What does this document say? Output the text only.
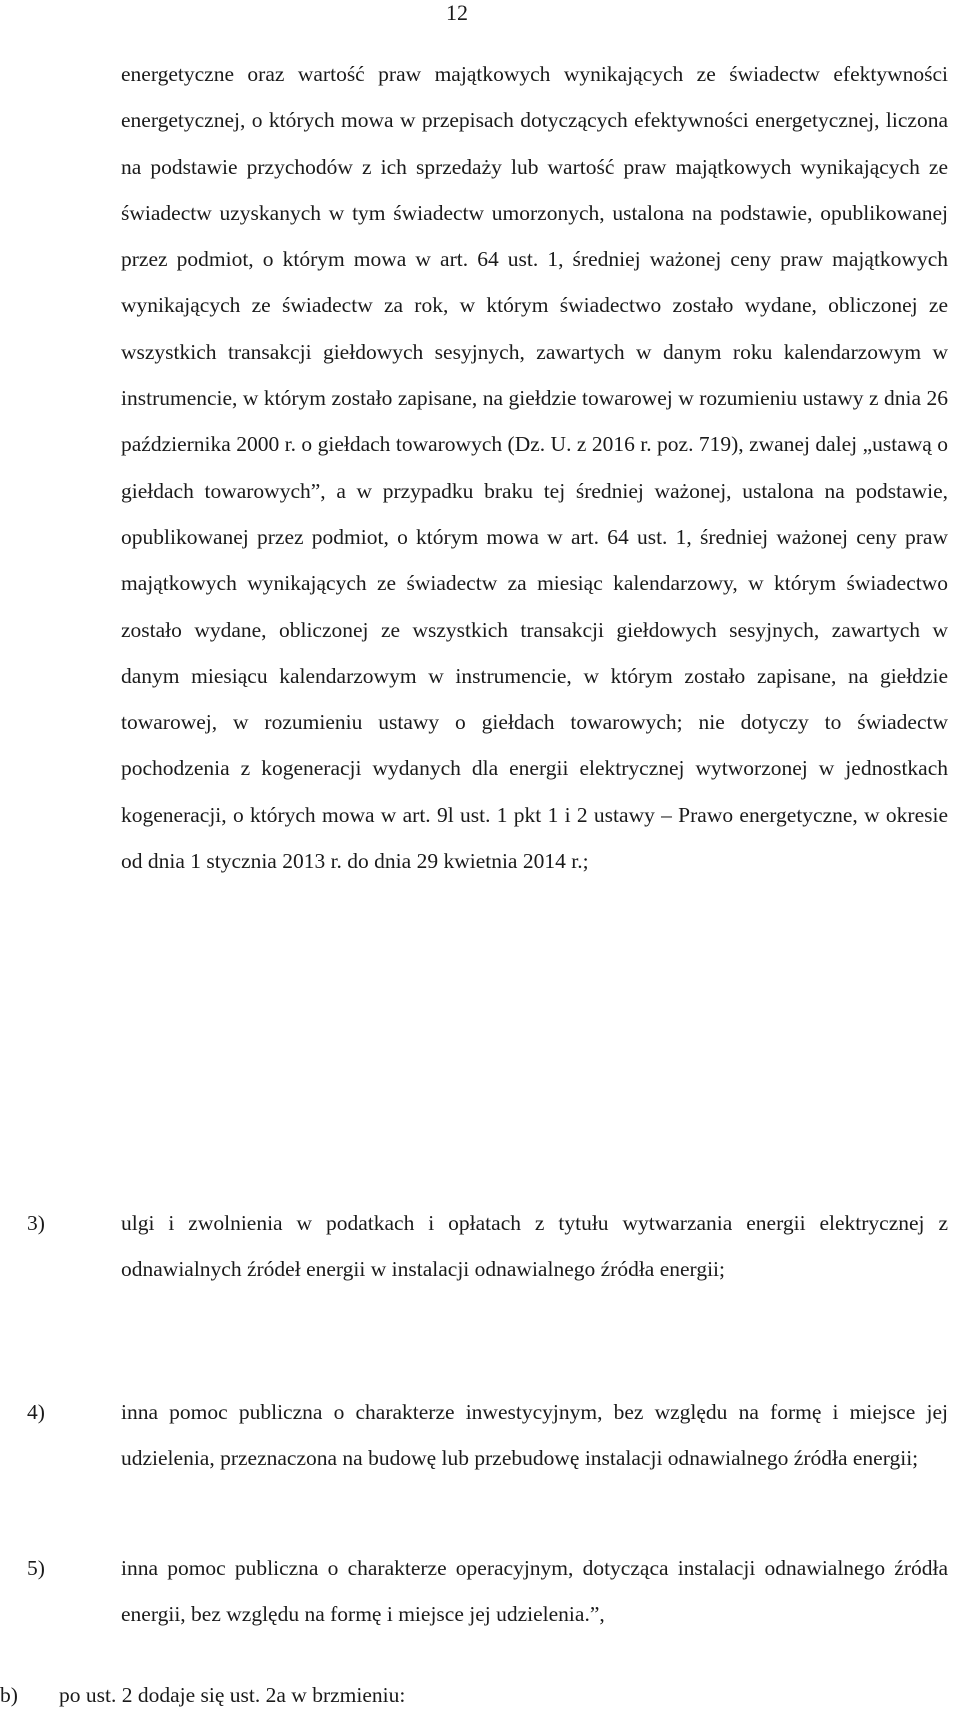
12
energetyczne oraz wartość praw majątkowych wynikających ze świadectw efektywności energetycznej, o których mowa w przepisach dotyczących efektywności energetycznej, liczona na podstawie przychodów z ich sprzedaży lub wartość praw majątkowych wynikających ze świadectw uzyskanych w tym świadectw umorzonych, ustalona na podstawie, opublikowanej przez podmiot, o którym mowa w art. 64 ust. 1, średniej ważonej ceny praw majątkowych wynikających ze świadectw za rok, w którym świadectwo zostało wydane, obliczonej ze wszystkich transakcji giełdowych sesyjnych, zawartych w danym roku kalendarzowym w instrumencie, w którym zostało zapisane, na giełdzie towarowej w rozumieniu ustawy z dnia 26 października 2000 r. o giełdach towarowych (Dz. U. z 2016 r. poz. 719), zwanej dalej „ustawą o giełdach towarowych”, a w przypadku braku tej średniej ważonej, ustalona na podstawie, opublikowanej przez podmiot, o którym mowa w art. 64 ust. 1, średniej ważonej ceny praw majątkowych wynikających ze świadectw za miesiąc kalendarzowy, w którym świadectwo zostało wydane, obliczonej ze wszystkich transakcji giełdowych sesyjnych, zawartych w danym miesiącu kalendarzowym w instrumencie, w którym zostało zapisane, na giełdzie towarowej, w rozumieniu ustawy o giełdach towarowych; nie dotyczy to świadectw pochodzenia z kogeneracji wydanych dla energii elektrycznej wytworzonej w jednostkach kogeneracji, o których mowa w art. 9l ust. 1 pkt 1 i 2 ustawy – Prawo energetyczne, w okresie od dnia 1 stycznia 2013 r. do dnia 29 kwietnia 2014 r.;
3)	ulgi i zwolnienia w podatkach i opłatach z tytułu wytwarzania energii elektrycznej z odnawialnych źródeł energii w instalacji odnawialnego źródła energii;
4)	inna pomoc publiczna o charakterze inwestycyjnym, bez względu na formę i miejsce jej udzielenia, przeznaczona na budowę lub przebudowę instalacji odnawialnego źródła energii;
5)	inna pomoc publiczna o charakterze operacyjnym, dotycząca instalacji odnawialnego źródła energii, bez względu na formę i miejsce jej udzielenia.”,
b) po ust. 2 dodaje się ust. 2a w brzmieniu:
